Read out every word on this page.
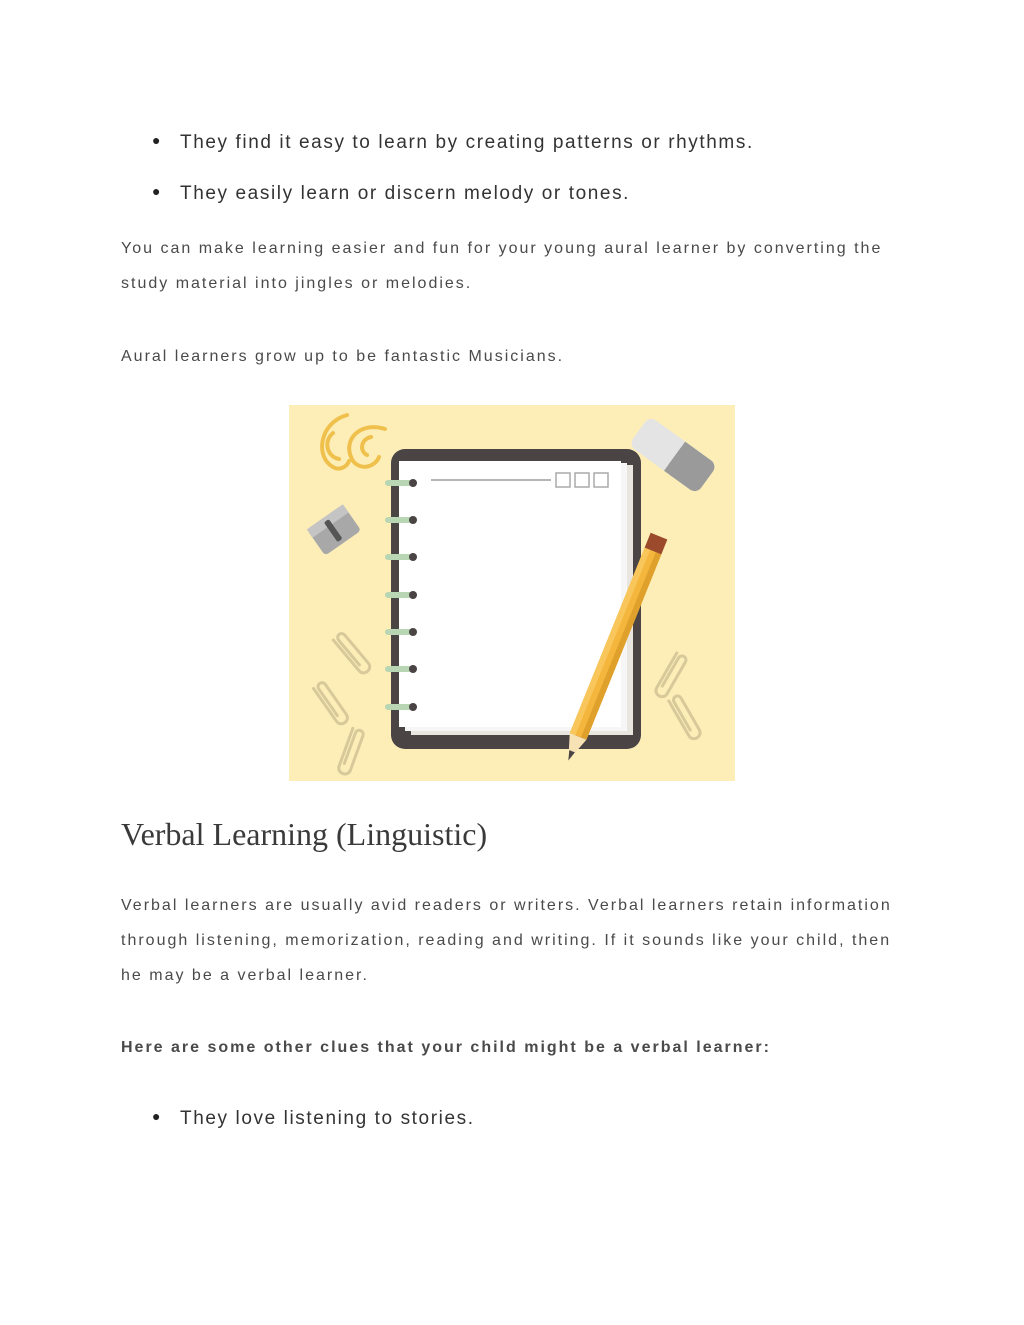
● They find it easy to learn by creating patterns or rhythms.
● They easily learn or discern melody or tones.

You can make learning easier and fun for your young aural learner by converting the study material into jingles or melodies.

Aural learners grow up to be fantastic Musicians.

Verbal Learning (Linguistic)

Verbal learners are usually avid readers or writers. Verbal learners retain information through listening, memorization, reading and writing. If it sounds like your child, then he may be a verbal learner.

Here are some other clues that your child might be a verbal learner:

● They love listening to stories.
